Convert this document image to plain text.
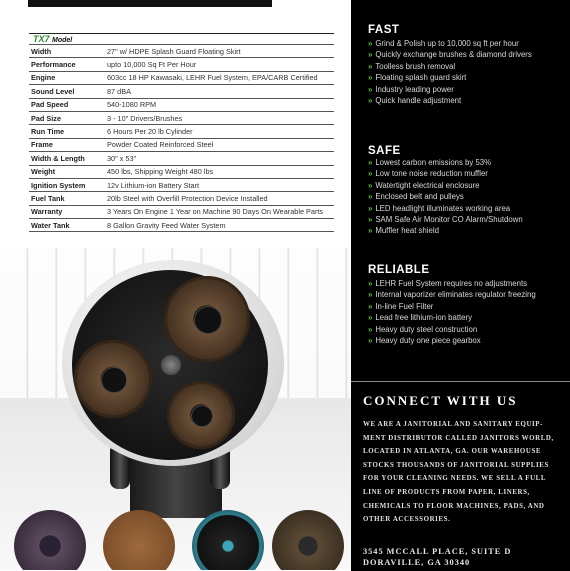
TX7 Model	
Width	27" w/ HDPE Splash Guard Floating Skirt
Performance	upto 10,000 Sq Ft Per Hour
Engine	603cc 18 HP Kawasaki, LEHR Fuel System, EPA/CARB Certified
Sound Level	87 dBA
Pad Speed	540-1080 RPM
Pad Size	3 - 10" Drivers/Brushes
Run Time	6 Hours Per 20 lb Cylinder
Frame	Powder Coated Reinforced Steel
Width & Length	30" x 53"
Weight	450 lbs, Shipping Weight 480 lbs
Ignition System	12v Lithium-ion Battery Start
Fuel Tank	20lb Steel with Overfill Protection Device Installed
Warranty	3 Years On Engine 1 Year on Machine 90 Days On Wearable Parts
Water Tank	8 Gallon Gravity Feed Water System
FAST
» Grind & Polish up to 10,000 sq ft per hour
» Quickly exchange brushes & diamond drivers
» Toolless brush removal
» Floating splash guard skirt
» Industry leading power
» Quick handle adjustment
SAFE
» Lowest carbon emissions by 53%
» Low tone noise reduction muffler
» Watertight electrical enclosure
» Enclosed belt and pulleys
» LED headlight illuminates working area
» SAM Safe Air Monitor CO Alarm/Shutdown
» Muffler heat shield
RELIABLE
» LEHR Fuel System requires no adjustments
» Internal vaporizer eliminates regulator freezing
» In-line Fuel Filter
» Lead free lithium-ion battery
» Heavy duty steel construction
» Heavy duty one piece gearbox
CONNECT WITH US
WE ARE A JANITORIAL AND SANITARY EQUIP-
MENT DISTRIBUTOR CALLED JANITORS WORLD,
LOCATED IN ATLANTA, GA. OUR WAREHOUSE
STOCKS THOUSANDS OF JANITORIAL SUPPLIES
FOR YOUR CLEANING NEEDS. WE SELL A FULL
LINE OF PRODUCTS FROM PAPER, LINERS,
CHEMICALS TO FLOOR MACHINES, PADS, AND
OTHER ACCESSORIES.
3545 MCCALL PLACE, SUITE D
DORAVILLE, GA 30340
